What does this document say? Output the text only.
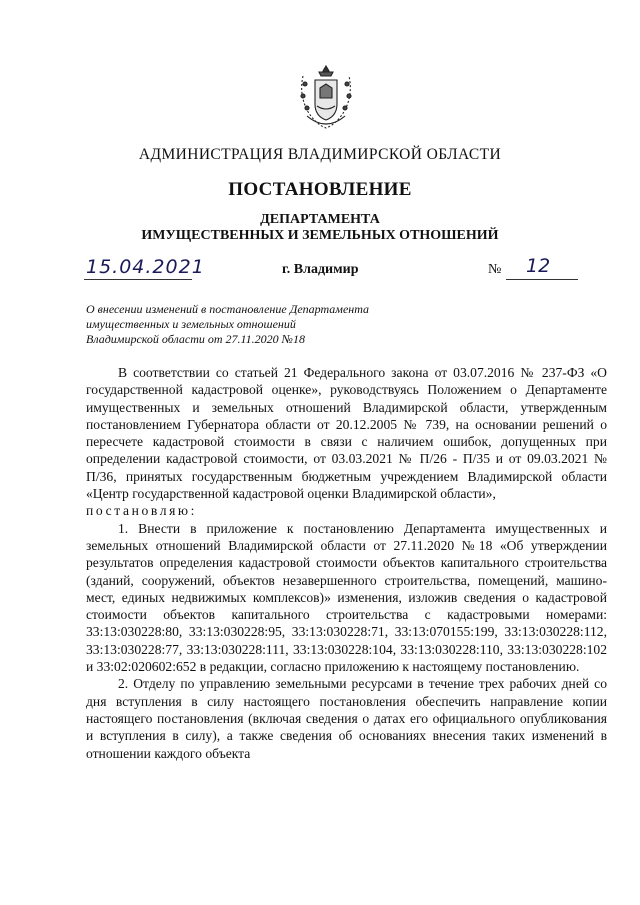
АДМИНИСТРАЦИЯ ВЛАДИМИРСКОЙ ОБЛАСТИ
ПОСТАНОВЛЕНИЕ
ДЕПАРТАМЕНТА
ИМУЩЕСТВЕННЫХ И ЗЕМЕЛЬНЫХ ОТНОШЕНИЙ
15.04.2021	г. Владимир	№ 12
О внесении изменений в постановление Департамента
имущественных и земельных отношений
Владимирской области от 27.11.2020 №18

В соответствии со статьей 21 Федерального закона от 03.07.2016 № 237-ФЗ «О государственной кадастровой оценке», руководствуясь Положением о Департаменте имущественных и земельных отношений Владимирской области, утвержденным постановлением Губернатора области от 20.12.2005 № 739, на основании решений о пересчете кадастровой стоимости в связи с наличием ошибок, допущенных при определении кадастровой стоимости, от 03.03.2021 № П/26 - П/35 и от 09.03.2021 № П/36, принятых государственным бюджетным учреждением Владимирской области «Центр государственной кадастровой оценки Владимирской области»,

постановляю:

1. Внести в приложение к постановлению Департамента имущественных и земельных отношений Владимирской области от 27.11.2020 №18 «Об утверждении результатов определения кадастровой стоимости объектов капитального строительства (зданий, сооружений, объектов незавершенного строительства, помещений, машино-мест, единых недвижимых комплексов)» изменения, изложив сведения о кадастровой стоимости объектов капитального строительства с кадастровыми номерами: 33:13:030228:80, 33:13:030228:95, 33:13:030228:71, 33:13:070155:199, 33:13:030228:112, 33:13:030228:77, 33:13:030228:111, 33:13:030228:104, 33:13:030228:110, 33:13:030228:102 и 33:02:020602:652 в редакции, согласно приложению к настоящему постановлению.

2. Отделу по управлению земельными ресурсами в течение трех рабочих дней со дня вступления в силу настоящего постановления обеспечить направление копии настоящего постановления (включая сведения о датах его официального опубликования и вступления в силу), а также сведения об основаниях внесения таких изменений в отношении каждого объекта
